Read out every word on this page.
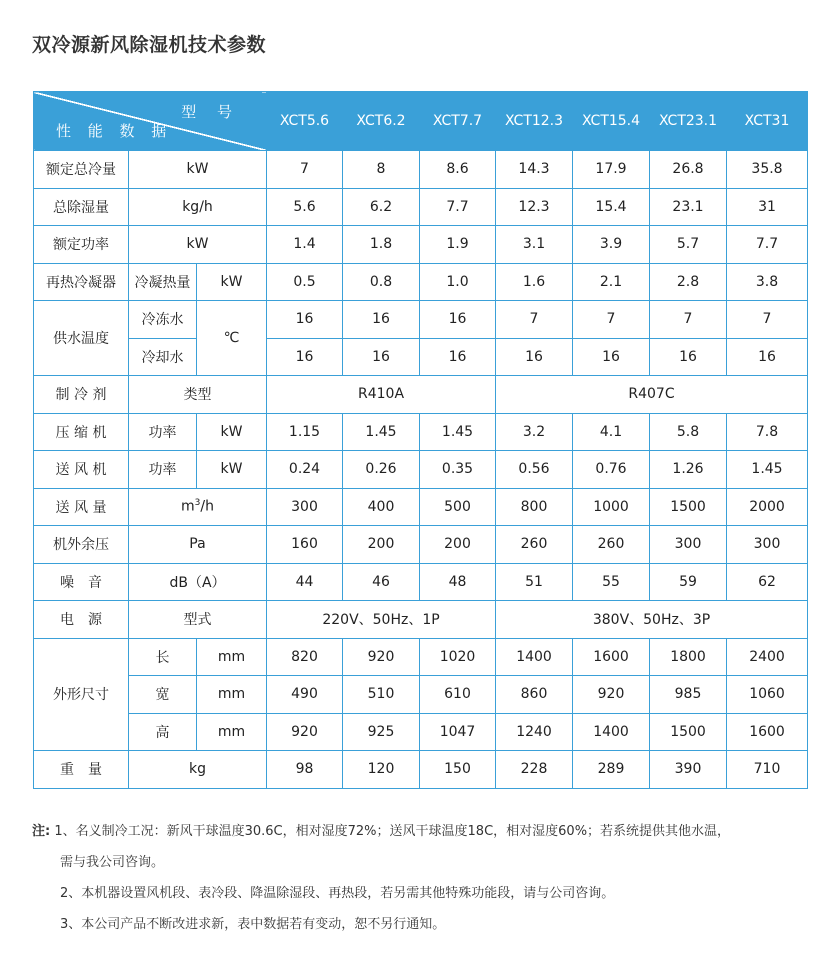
双冷源新风除湿机技术参数
型 号
性 能 数 据			XCT5.6	XCT6.2	XCT7.7	XCT12.3	XCT15.4	XCT23.1	XCT31
额定总冷量	kW		7	8	8.6	14.3	17.9	26.8	35.8
总除湿量	kg/h		5.6	6.2	7.7	12.3	15.4	23.1	31
额定功率	kW		1.4	1.8	1.9	3.1	3.9	5.7	7.7
再热冷凝器	冷凝热量	kW	0.5	0.8	1.0	1.6	2.1	2.8	3.8
供水温度	冷冻水	℃	16	16	16	7	7	7	7
	冷却水		16	16	16	16	16	16	16
制 冷 剂	类型		R410A			R407C			
压 缩 机	功率	kW	1.15	1.45	1.45	3.2	4.1	5.8	7.8
送 风 机	功率	kW	0.24	0.26	0.35	0.56	0.76	1.26	1.45
送 风 量	$m^3/h$		300	400	500	800	1000	1500	2000
机外余压	Pa		160	200	200	260	260	300	300
噪　音	dB（A）		44	46	48	51	55	59	62
电　源	型式		220V、50Hz、1P			380V、50Hz、3P			
外形尺寸	长	mm	820	920	1020	1400	1600	1800	2400
	宽	mm	490	510	610	860	920	985	1060
	高	mm	920	925	1047	1240	1400	1500	1600
重　量	kg		98	120	150	228	289	390	710
注: 1、名义制冷工况：新风干球温度30.6C，相对湿度72%；送风干球温度18C，相对湿度60%；若系统提供其他水温，
需与我公司咨询。
2、本机器设置风机段、表冷段、降温除湿段、再热段，若另需其他特殊功能段，请与公司咨询。
3、本公司产品不断改进求新，表中数据若有变动，恕不另行通知。
